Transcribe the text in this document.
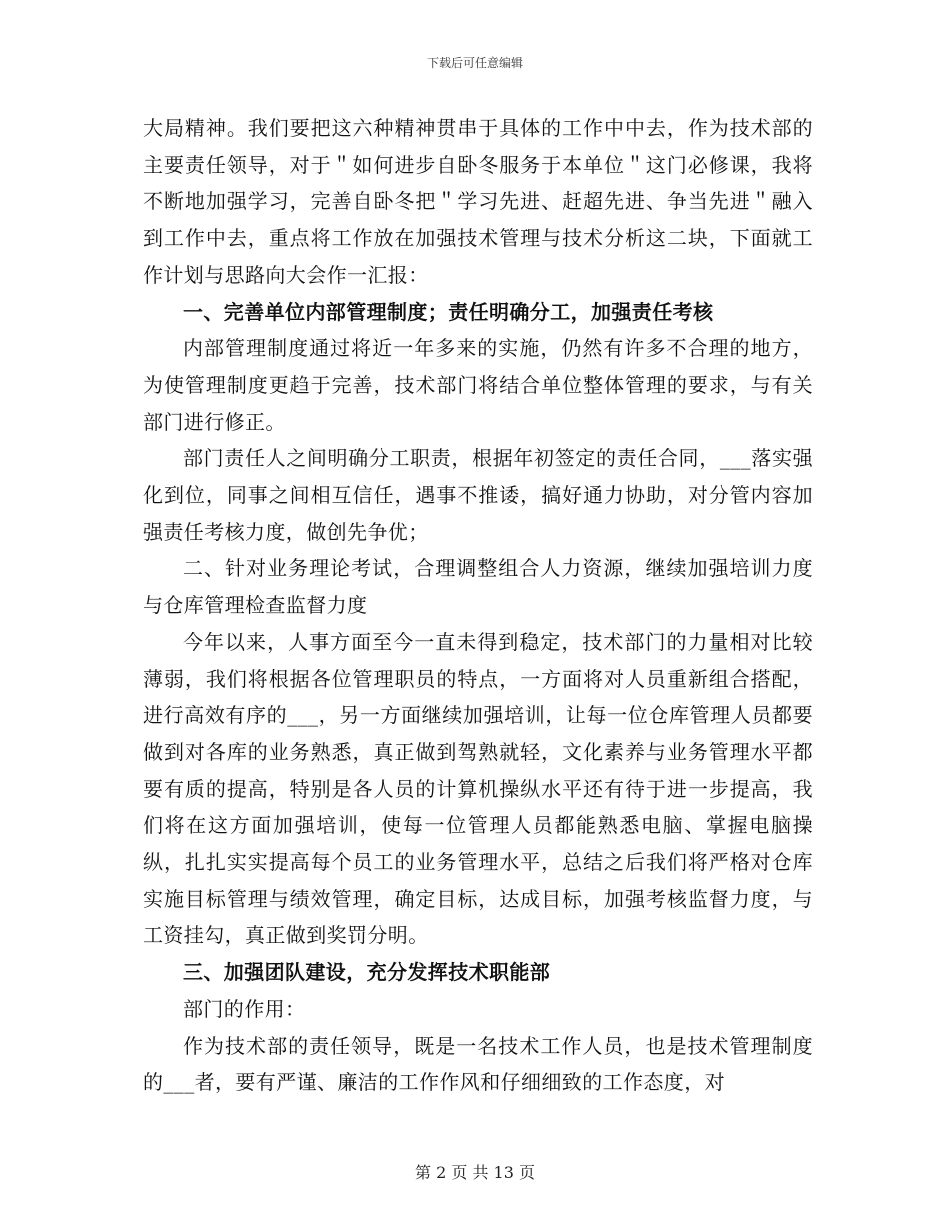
下载后可任意编辑

大局精神。我们要把这六种精神贯串于具体的工作中中去，作为技术部的主要责任领导，对于＂如何进步自卧冬服务于本单位＂这门必修课，我将不断地加强学习，完善自卧冬把＂学习先进、赶超先进、争当先进＂融入到工作中去，重点将工作放在加强技术管理与技术分析这二块，下面就工作计划与思路向大会作一汇报：

一、完善单位内部管理制度；责任明确分工，加强责任考核

内部管理制度通过将近一年多来的实施，仍然有许多不合理的地方，为使管理制度更趋于完善，技术部门将结合单位整体管理的要求，与有关部门进行修正。

部门责任人之间明确分工职责，根据年初签定的责任合同，___落实强化到位，同事之间相互信任，遇事不推诿，搞好通力协助，对分管内容加强责任考核力度，做创先争优；

二、针对业务理论考试，合理调整组合人力资源，继续加强培训力度与仓库管理检查监督力度

今年以来，人事方面至今一直未得到稳定，技术部门的力量相对比较薄弱，我们将根据各位管理职员的特点，一方面将对人员重新组合搭配，进行高效有序的___，另一方面继续加强培训，让每一位仓库管理人员都要做到对各库的业务熟悉，真正做到驾熟就轻，文化素养与业务管理水平都要有质的提高，特别是各人员的计算机操纵水平还有待于进一步提高，我们将在这方面加强培训，使每一位管理人员都能熟悉电脑、掌握电脑操纵，扎扎实实提高每个员工的业务管理水平，总结之后我们将严格对仓库实施目标管理与绩效管理，确定目标，达成目标，加强考核监督力度，与工资挂勾，真正做到奖罚分明。

三、加强团队建设，充分发挥技术职能部

部门的作用：

作为技术部的责任领导，既是一名技术工作人员，也是技术管理制度的___者，要有严谨、廉洁的工作作风和仔细细致的工作态度，对

第 2 页 共 13 页
